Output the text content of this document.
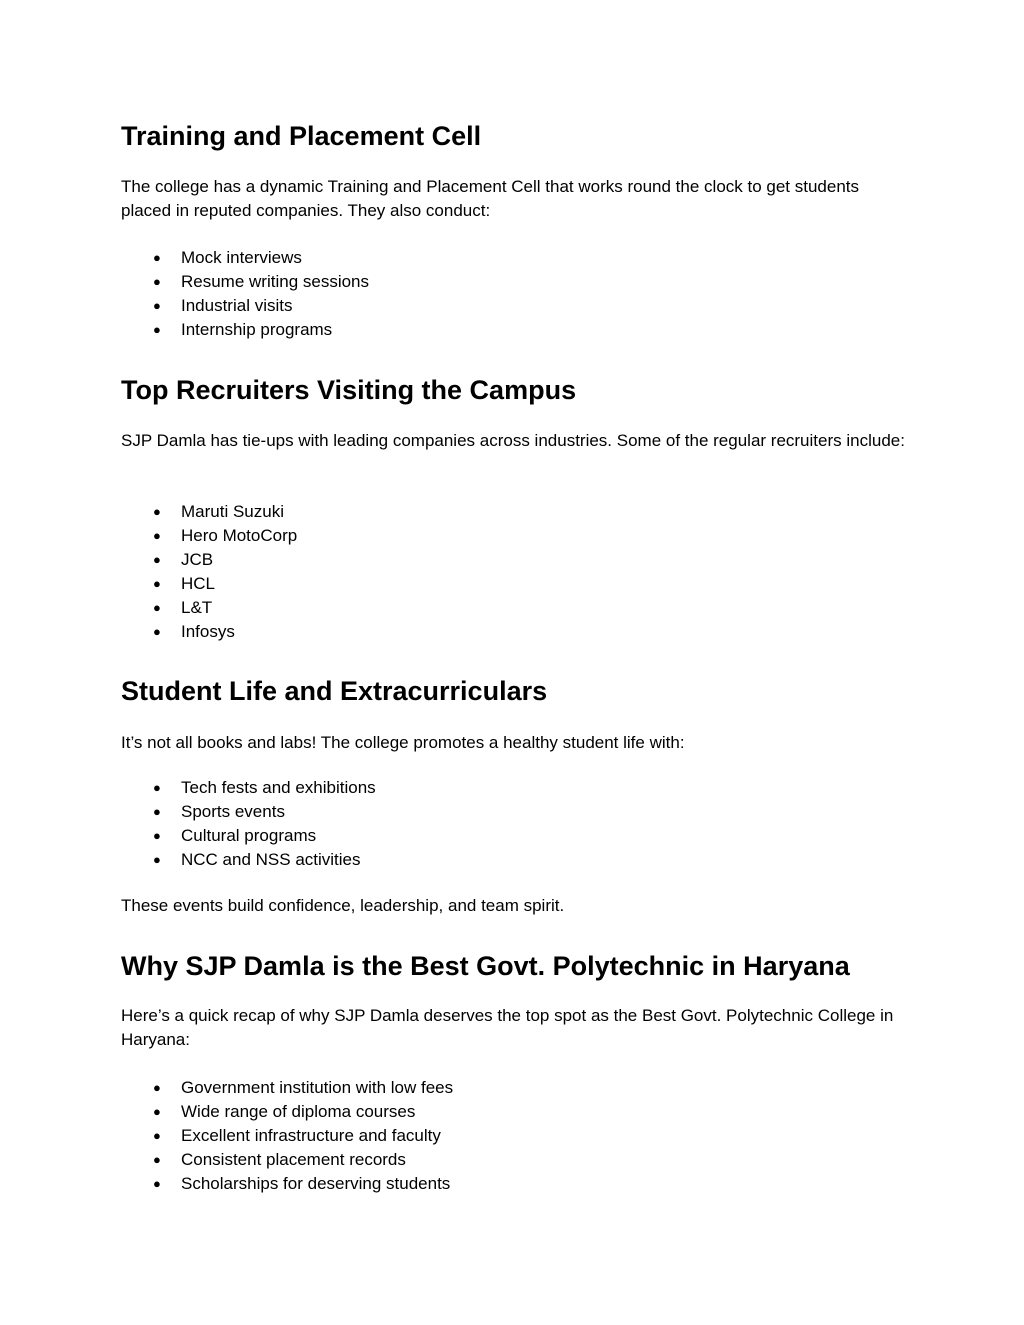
Training and Placement Cell

The college has a dynamic Training and Placement Cell that works round the clock to get students placed in reputed companies. They also conduct:

● Mock interviews
● Resume writing sessions
● Industrial visits
● Internship programs
Top Recruiters Visiting the Campus

SJP Damla has tie-ups with leading companies across industries. Some of the regular recruiters include:

● Maruti Suzuki
● Hero MotoCorp
● JCB
● HCL
● L&T
● Infosys
Student Life and Extracurriculars

It’s not all books and labs! The college promotes a healthy student life with:

● Tech fests and exhibitions
● Sports events
● Cultural programs
● NCC and NSS activities

These events build confidence, leadership, and team spirit.

Why SJP Damla is the Best Govt. Polytechnic in Haryana

Here’s a quick recap of why SJP Damla deserves the top spot as the Best Govt. Polytechnic College in Haryana:

● Government institution with low fees
● Wide range of diploma courses
● Excellent infrastructure and faculty
● Consistent placement records
● Scholarships for deserving students
